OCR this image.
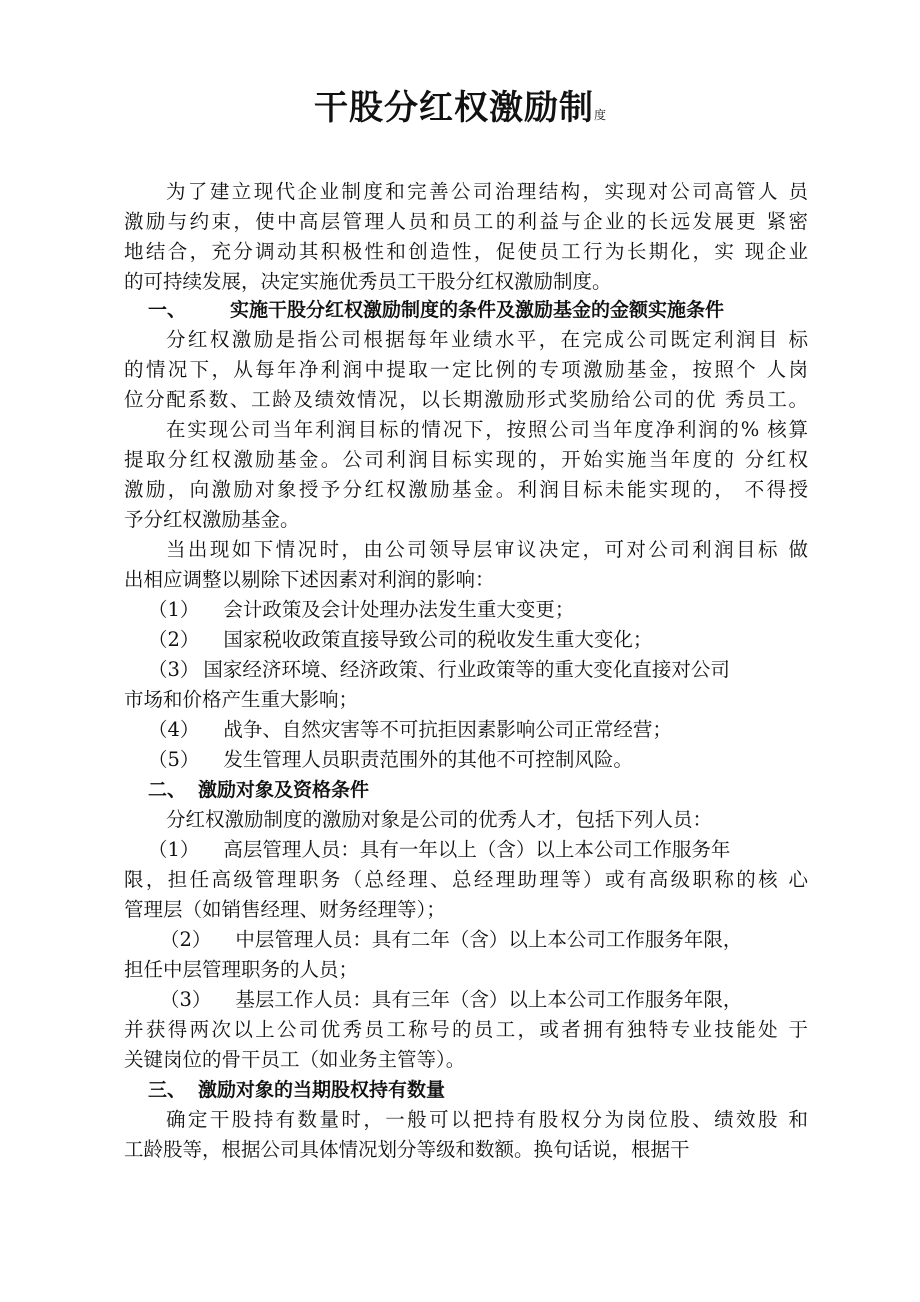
干股分红权激励制度
为了建立现代企业制度和完善公司治理结构，实现对公司高管人 员
激励与约束，使中高层管理人员和员工的利益与企业的长远发展更 紧密
地结合，充分调动其积极性和创造性，促使员工行为长期化，实 现企业
的可持续发展，决定实施优秀员工干股分红权激励制度。
一、 实施干股分红权激励制度的条件及激励基金的金额实施条件
分红权激励是指公司根据每年业绩水平，在完成公司既定利润目 标
的情况下，从每年净利润中提取一定比例的专项激励基金，按照个 人岗
位分配系数、工龄及绩效情况，以长期激励形式奖励给公司的优 秀员工。
在实现公司当年利润目标的情况下，按照公司当年度净利润的% 核算
提取分红权激励基金。公司利润目标实现的，开始实施当年度的 分红权
激励，向激励对象授予分红权激励基金。利润目标未能实现的， 不得授
予分红权激励基金。
当出现如下情况时，由公司领导层审议决定，可对公司利润目标 做
出相应调整以剔除下述因素对利润的影响：
（1） 会计政策及会计处理办法发生重大变更；
（2） 国家税收政策直接导致公司的税收发生重大变化；
（3） 国家经济环境、经济政策、行业政策等的重大变化直接对公司
市场和价格产生重大影响；
（4） 战争、自然灾害等不可抗拒因素影响公司正常经营；
（5） 发生管理人员职责范围外的其他不可控制风险。
二、 激励对象及资格条件
分红权激励制度的激励对象是公司的优秀人才，包括下列人员：
（1） 高层管理人员：具有一年以上（含）以上本公司工作服务年
限，担任高级管理职务（总经理、总经理助理等）或有高级职称的核 心
管理层（如销售经理、财务经理等）；
（2） 中层管理人员：具有二年（含）以上本公司工作服务年限，
担任中层管理职务的人员；
（3） 基层工作人员：具有三年（含）以上本公司工作服务年限，
并获得两次以上公司优秀员工称号的员工，或者拥有独特专业技能处 于
关键岗位的骨干员工（如业务主管等）。
三、 激励对象的当期股权持有数量
确定干股持有数量时，一般可以把持有股权分为岗位股、绩效股 和
工龄股等，根据公司具体情况划分等级和数额。换句话说，根据干
